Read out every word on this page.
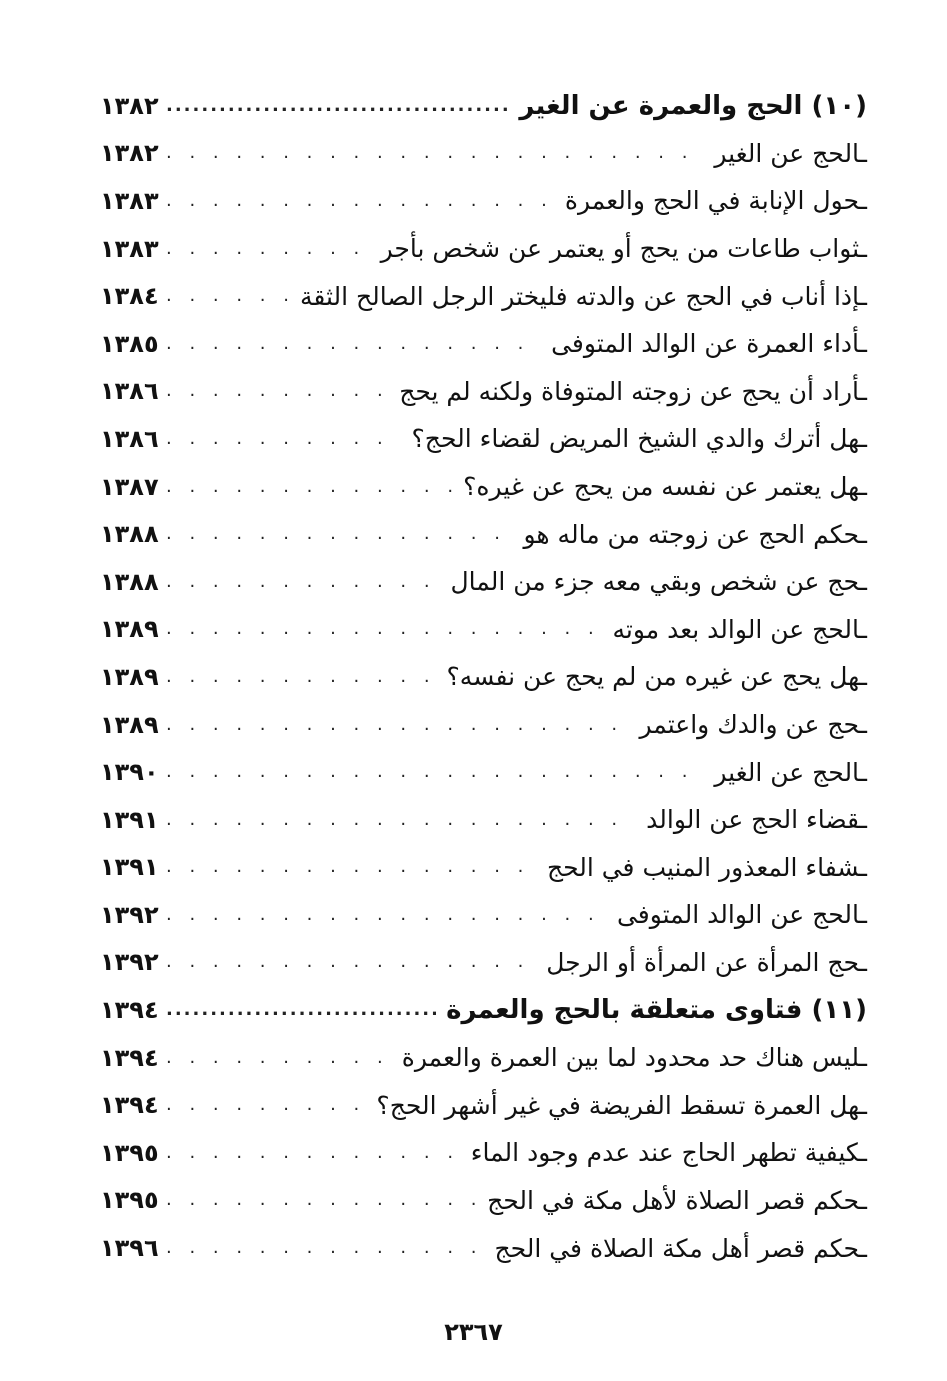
(١٠) الحج والعمرة عن الغير
.....
١٣٨٢
ـالحج عن الغير
. . .
١٣٨٢
ـحول الإنابة في الحج والعمرة
. . .
١٣٨٣
ـثواب طاعات من يحج أو يعتمر عن شخص بأجر
. . .
١٣٨٣
ـإذا أناب في الحج عن والدته فليختر الرجل الصالح الثقة
. . .
١٣٨٤
ـأداء العمرة عن الوالد المتوفى
. . .
١٣٨٥
ـأراد أن يحج عن زوجته المتوفاة ولكنه لم يحج
. . .
١٣٨٦
ـهل أترك والدي الشيخ المريض لقضاء الحج؟
. . .
١٣٨٦
ـهل يعتمر عن نفسه من يحج عن غيره؟
. . .
١٣٨٧
ـحكم الحج عن زوجته من ماله هو
. . .
١٣٨٨
ـحج عن شخص وبقي معه جزء من المال
. . .
١٣٨٨
ـالحج عن الوالد بعد موته
. . .
١٣٨٩
ـهل يحج عن غيره من لم يحج عن نفسه؟
. . .
١٣٨٩
ـحج عن والدك واعتمر
. . .
١٣٨٩
ـالحج عن الغير
. . .
١٣٩٠
ـقضاء الحج عن الوالد
. . .
١٣٩١
ـشفاء المعذور المنيب في الحج
. . .
١٣٩١
ـالحج عن الوالد المتوفى
. . .
١٣٩٢
ـحج المرأة عن المرأة أو الرجل
. . .
١٣٩٢
(١١) فتاوى متعلقة بالحج والعمرة
.....
١٣٩٤
ـليس هناك حد محدود لما بين العمرة والعمرة
. . .
١٣٩٤
ـهل العمرة تسقط الفريضة في غير أشهر الحج؟
. . .
١٣٩٤
ـكيفية تطهر الحاج عند عدم وجود الماء
. . .
١٣٩٥
ـحكم قصر الصلاة لأهل مكة في الحج
. . .
١٣٩٥
ـحكم قصر أهل مكة الصلاة في الحج
. . .
١٣٩٦
٢٣٦٧
